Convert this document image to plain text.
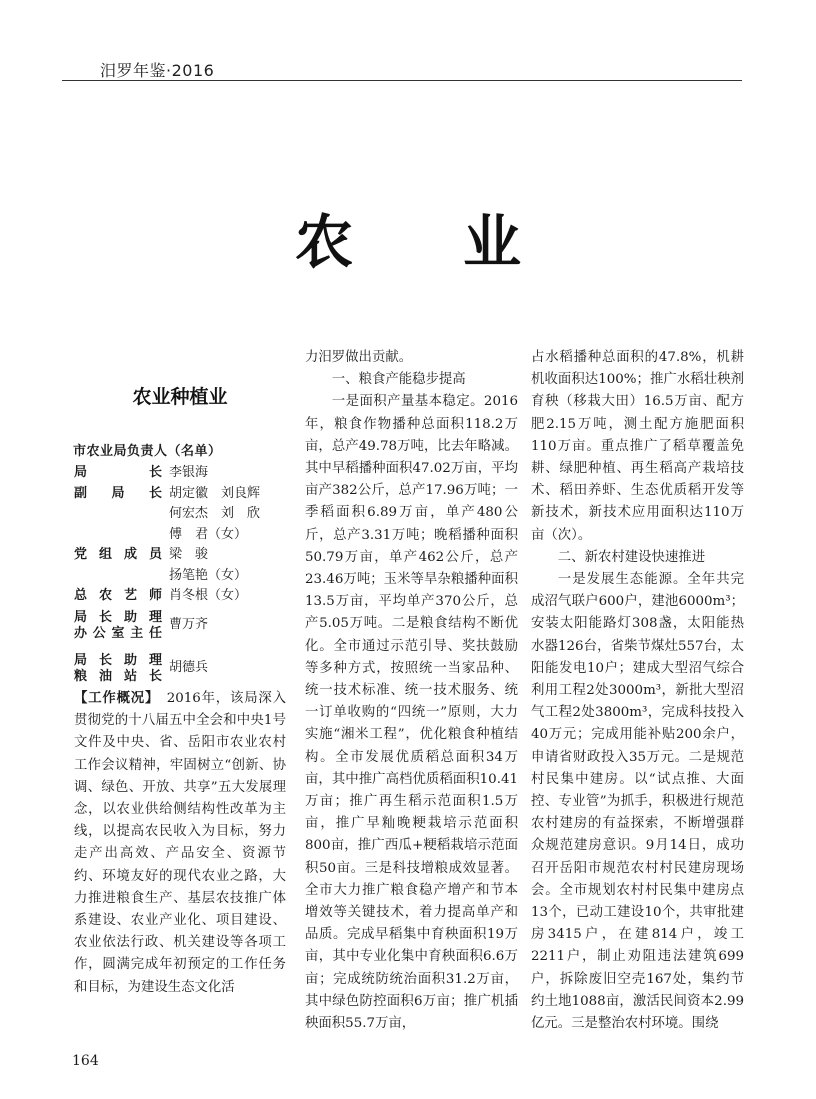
汨罗年鉴·2016
农业
农业种植业
市农业局负责人（名单）
局	长 李银海
副 局 长 胡定徽　刘良辉
何宏杰　刘　欣
傅　君（女）
党 组 成 员 梁　骏
扬笔艳（女）
总 农 艺 师 肖冬根（女）
局 长 助 理
办 公 室 主 任
曹万齐
局 长 助 理
粮 油 站 长
胡德兵

【工作概况】　 2016年，该局深入贯彻党的十八届五中全会和中央1号文件及中央、省、岳阳市农业农村工作会议精神，牢固树立“创新、协调、绿色、开放、共享”五大发展理念，以农业供给侧结构性改革为主线，以提高农民收入为目标，努力走产出高效、产品安全、资源节约、环境友好的现代农业之路，大力推进粮食生产、基层农技推广体系建设、农业产业化、项目建设、农业依法行政、机关建设等各项工作，圆满完成年初预定的工作任务和目标，为建设生态文化活

力汨罗做出贡献。

一、粮食产能稳步提高

一是面积产量基本稳定。2016年，粮食作物播种总面积118.2万亩，总产49.78万吨，比去年略减。其中早稻播种面积47.02万亩，平均亩产382公斤，总产17.96万吨；一季稻面积6.89万亩，单产480公斤，总产3.31万吨；晚稻播种面积50.79万亩，单产462公斤，总产23.46万吨；玉米等旱杂粮播种面积13.5万亩，平均单产370公斤，总产5.05万吨。二是粮食结构不断优化。全市通过示范引导、奖扶鼓励等多种方式，按照统一当家品种、统一技术标准、统一技术服务、统一订单收购的“四统一”原则，大力实施“湘米工程”，优化粮食种植结构。全市发展优质稻总面积34万亩，其中推广高档优质稻面积10.41万亩；推广再生稻示范面积1.5万亩，推广早籼晚粳栽培示范面积800亩，推广西瓜+粳稻栽培示范面积50亩。三是科技增粮成效显著。全市大力推广粮食稳产增产和节本增效等关键技术，着力提高单产和品质。完成早稻集中育秧面积19万亩，其中专业化集中育秧面积6.6万亩；完成统防统治面积31.2万亩，其中绿色防控面积6万亩；推广机插秧面积55.7万亩，

占水稻播种总面积的47.8%，机耕机收面积达100%；推广水稻壮秧剂育秧（移栽大田）16.5万亩、配方肥2.15万吨，测土配方施肥面积110万亩。重点推广了稻草覆盖免耕、绿肥种植、再生稻高产栽培技术、稻田养虾、生态优质稻开发等新技术，新技术应用面积达110万亩（次）。

二、新农村建设快速推进

一是发展生态能源。全年共完成沼气联户600户，建池6000m³；安装太阳能路灯308盏，太阳能热水器126台，省柴节煤灶557台，太阳能发电10户；建成大型沼气综合利用工程2处3000m³，新批大型沼气工程2处3800m³，完成科技投入40万元；完成用能补贴200余户，申请省财政投入35万元。二是规范村民集中建房。以“试点推、大面控、专业管”为抓手，积极进行规范农村建房的有益探索，不断增强群众规范建房意识。9月14日，成功召开岳阳市规范农村村民建房现场会。全市规划农村村民集中建房点13个，已动工建设10个，共审批建房3415户，在建814户，竣工2211户，制止劝阻违法建筑699户，拆除废旧空壳167处，集约节约土地1088亩，激活民间资本2.99亿元。三是整治农村环境。围绕

164
